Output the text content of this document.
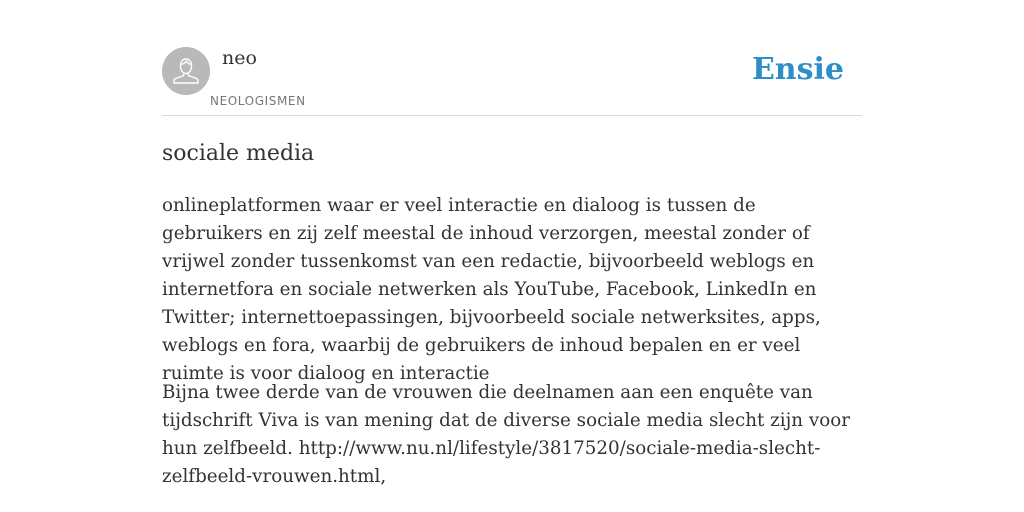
neo
NEOLOGISMEN
Ensie
sociale media

onlineplatformen waar er veel interactie en dialoog is tussen de gebruikers en zij zelf meestal de inhoud verzorgen, meestal zonder of vrijwel zonder tussenkomst van een redactie, bijvoorbeeld weblogs en internetfora en sociale netwerken als YouTube, Facebook, LinkedIn en Twitter; internettoepassingen, bijvoorbeeld sociale netwerksites, apps, weblogs en fora, waarbij de gebruikers de inhoud bepalen en er veel ruimte is voor dialoog en interactie

Bijna twee derde van de vrouwen die deelnamen aan een enquête van tijdschrift Viva is van mening dat de diverse sociale media slecht zijn voor hun zelfbeeld. http://www.nu.nl/lifestyle/3817520/sociale-media-slecht-zelfbeeld-vrouwen.html,
